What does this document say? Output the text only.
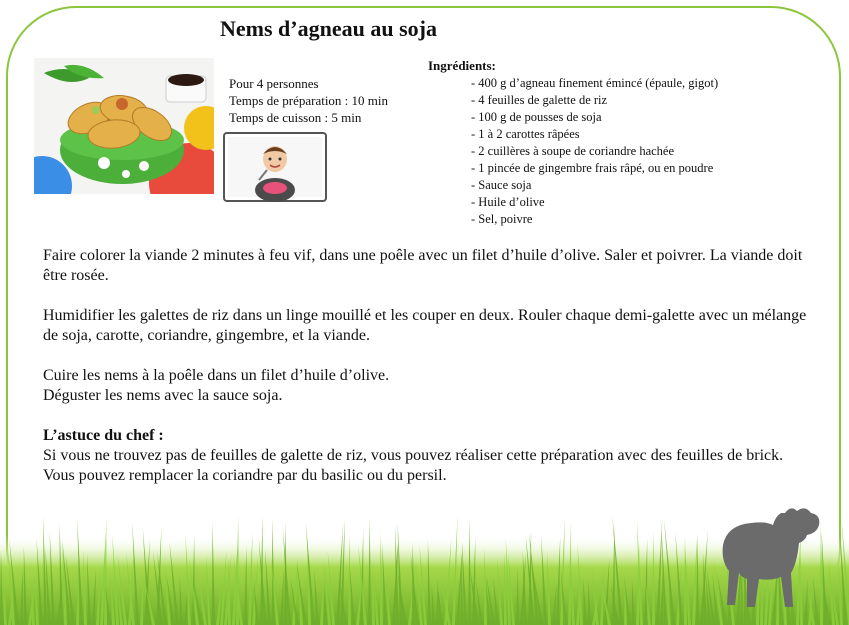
Nems d’agneau au soja
Pour 4 personnes
Temps de préparation : 10 min
Temps de cuisson : 5 min
Ingrédients:
- 400 g d’agneau finement émincé (épaule, gigot)
- 4 feuilles de galette de riz
- 100 g de pousses de soja
- 1 à 2 carottes râpées
- 2 cuillères à soupe de coriandre hachée
- 1 pincée de gingembre frais râpé, ou en poudre
- Sauce soja
- Huile d’olive
- Sel, poivre

Faire colorer la viande 2 minutes à feu vif, dans une poêle avec un filet d’huile d’olive. Saler et poivrer. La viande doit être rosée.

Humidifier les galettes de riz dans un linge mouillé et les couper en deux. Rouler chaque demi-galette avec un mélange de soja, carotte, coriandre, gingembre, et la viande.

Cuire les nems à la poêle dans un filet d’huile d’olive.
Déguster les nems avec la sauce soja.

L’astuce du chef :

Si vous ne trouvez pas de feuilles de galette de riz, vous pouvez réaliser cette préparation avec des feuilles de brick.

Vous pouvez remplacer la coriandre par du basilic ou du persil.
